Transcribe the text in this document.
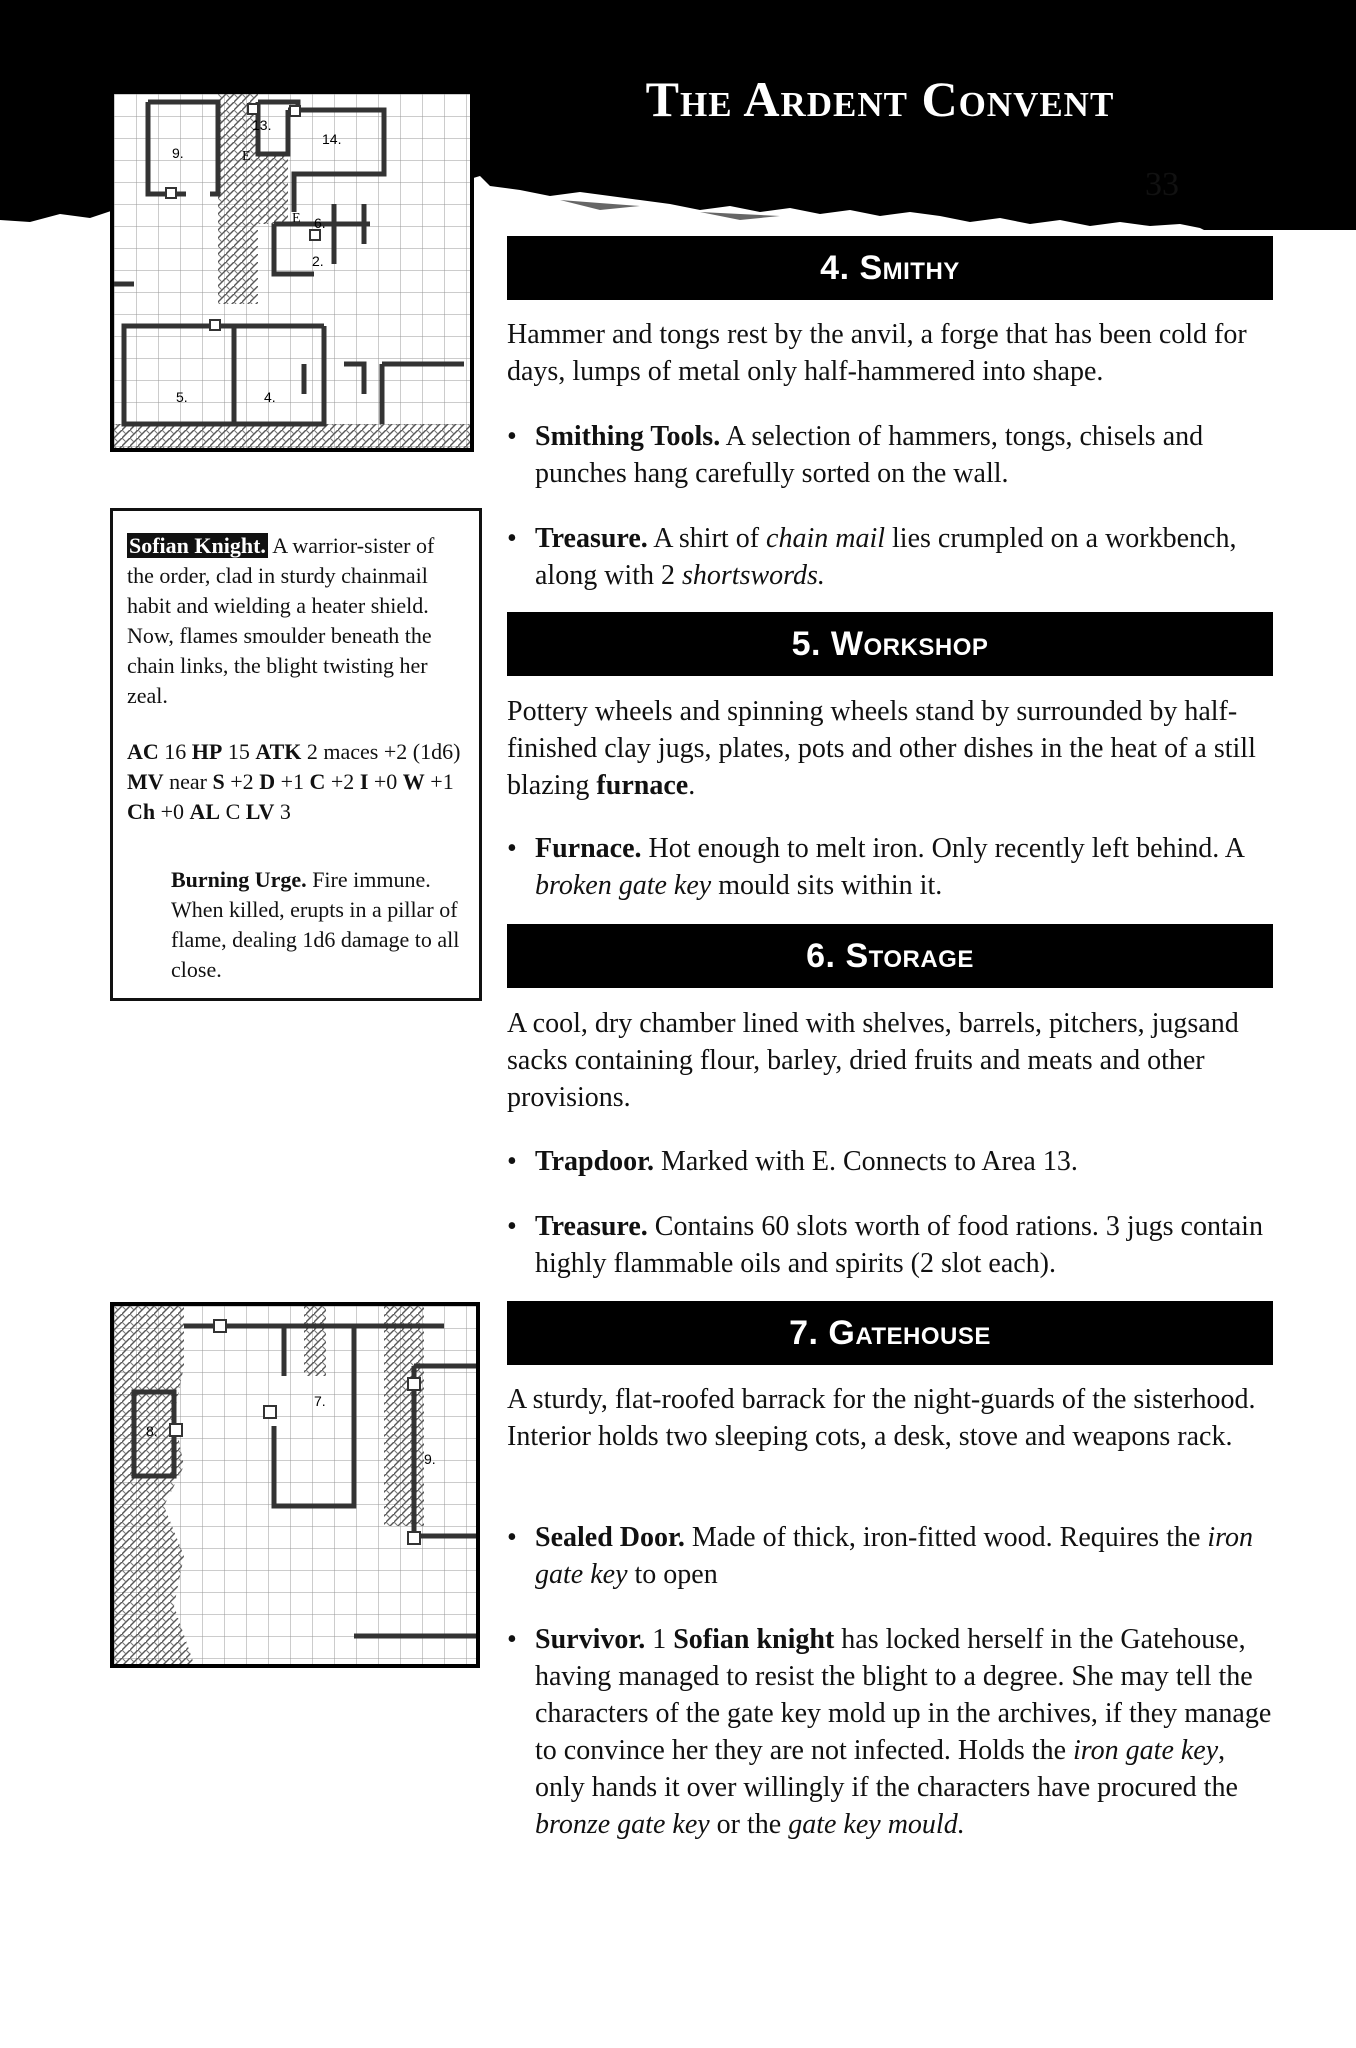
The Ardent Convent
33
9.
13.
14.
E
E 6.
2.
5.	4.

Sofian Knight. A warrior-sister of the order, clad in sturdy chainmail habit and wielding a heater shield. Now, flames smoulder beneath the chain links, the blight twisting her zeal.

AC 16 HP 15 ATK 2 maces +2 (1d6) MV near S +2 D +1 C +2 I +0 W +1 Ch +0 AL C LV 3

Burning Urge. Fire immune. When killed, erupts in a pillar of flame, dealing 1d6 damage to all close.

8.
7.
9.
4. Smithy

Hammer and tongs rest by the anvil, a forge that has been cold for days, lumps of metal only half-hammered into shape.

• Smithing Tools. A selection of hammers, tongs, chisels and punches hang carefully sorted on the wall.
• Treasure. A shirt of chain mail lies crumpled on a workbench, along with 2 shortswords.
5. Workshop

Pottery wheels and spinning wheels stand by surrounded by half-finished clay jugs, plates, pots and other dishes in the heat of a still blazing furnace.

• Furnace. Hot enough to melt iron. Only recently left behind. A broken gate key mould sits within it.
6. Storage

A cool, dry chamber lined with shelves, barrels, pitchers, jugsand sacks containing flour, barley, dried fruits and meats and other provisions.

• Trapdoor. Marked with E. Connects to Area 13.
• Treasure. Contains 60 slots worth of food rations. 3 jugs contain highly flammable oils and spirits (2 slot each).
7. Gatehouse

A sturdy, flat-roofed barrack for the night-guards of the sisterhood. Interior holds two sleeping cots, a desk, stove and weapons rack.

• Sealed Door. Made of thick, iron-fitted wood. Requires the iron gate key to open
• Survivor. 1 Sofian knight has locked herself in the Gatehouse, having managed to resist the blight to a degree. She may tell the characters of the gate key mold up in the archives, if they manage to convince her they are not infected. Holds the iron gate key, only hands it over willingly if the characters have procured the bronze gate key or the gate key mould.
